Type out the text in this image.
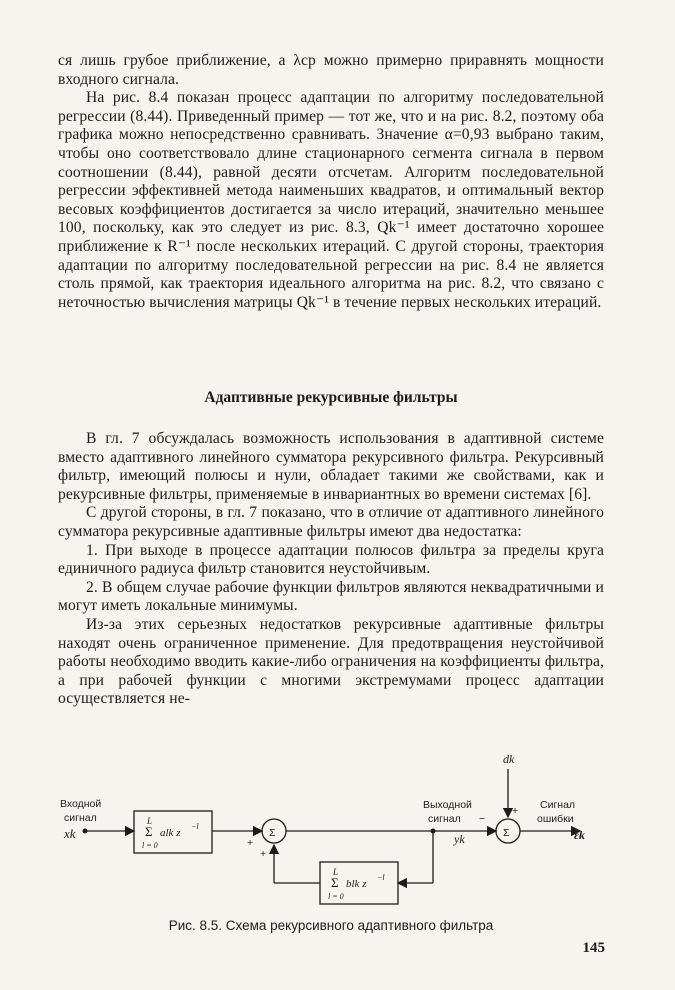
ся лишь грубое приближение, а λср можно примерно приравнять мощности входного сигнала.

На рис. 8.4 показан процесс адаптации по алгоритму последовательной регрессии (8.44). Приведенный пример — тот же, что и на рис. 8.2, поэтому оба графика можно непосредственно сравнивать. Значение α=0,93 выбрано таким, чтобы оно соответствовало длине стационарного сегмента сигнала в первом соотношении (8.44), равной десяти отсчетам. Алгоритм последовательной регрессии эффективней метода наименьших квадратов, и оптимальный вектор весовых коэффициентов достигается за число итераций, значительно меньшее 100, поскольку, как это следует из рис. 8.3, Qk⁻¹ имеет достаточно хорошее приближение к R⁻¹ после нескольких итераций. С другой стороны, траектория адаптации по алгоритму последовательной регрессии на рис. 8.4 не является столь прямой, как траектория идеального алгоритма на рис. 8.2, что связано с неточностью вычисления матрицы Qk⁻¹ в течение первых нескольких итераций.

Адаптивные рекурсивные фильтры

В гл. 7 обсуждалась возможность использования в адаптивной системе вместо адаптивного линейного сумматора рекурсивного фильтра. Рекурсивный фильтр, имеющий полюсы и нули, обладает такими же свойствами, как и рекурсивные фильтры, применяемые в инвариантных во времени системах [6].

С другой стороны, в гл. 7 показано, что в отличие от адаптивного линейного сумматора рекурсивные адаптивные фильтры имеют два недостатка:

1. При выходе в процессе адаптации полюсов фильтра за пределы круга единичного радиуса фильтр становится неустойчивым.

2. В общем случае рабочие функции фильтров являются неквадратичными и могут иметь локальные минимумы.

Из-за этих серьезных недостатков рекурсивные адаптивные фильтры находят очень ограниченное применение. Для предотвращения неустойчивой работы необходимо вводить какие-либо ограничения на коэффициенты фильтра, а при рабочей функции с многими экстремумами процесс адаптации осуществляется не-

Входной
сигнал
xk
L
Σ alk z
−l
l = 0
Σ
+
+
Выходной
сигнал
yk
−
L
Σ blk z
−l
l = 0
dk
Σ
+ Сигнал
ошибки
εk
Рис. 8.5. Схема рекурсивного адаптивного фильтра
145
